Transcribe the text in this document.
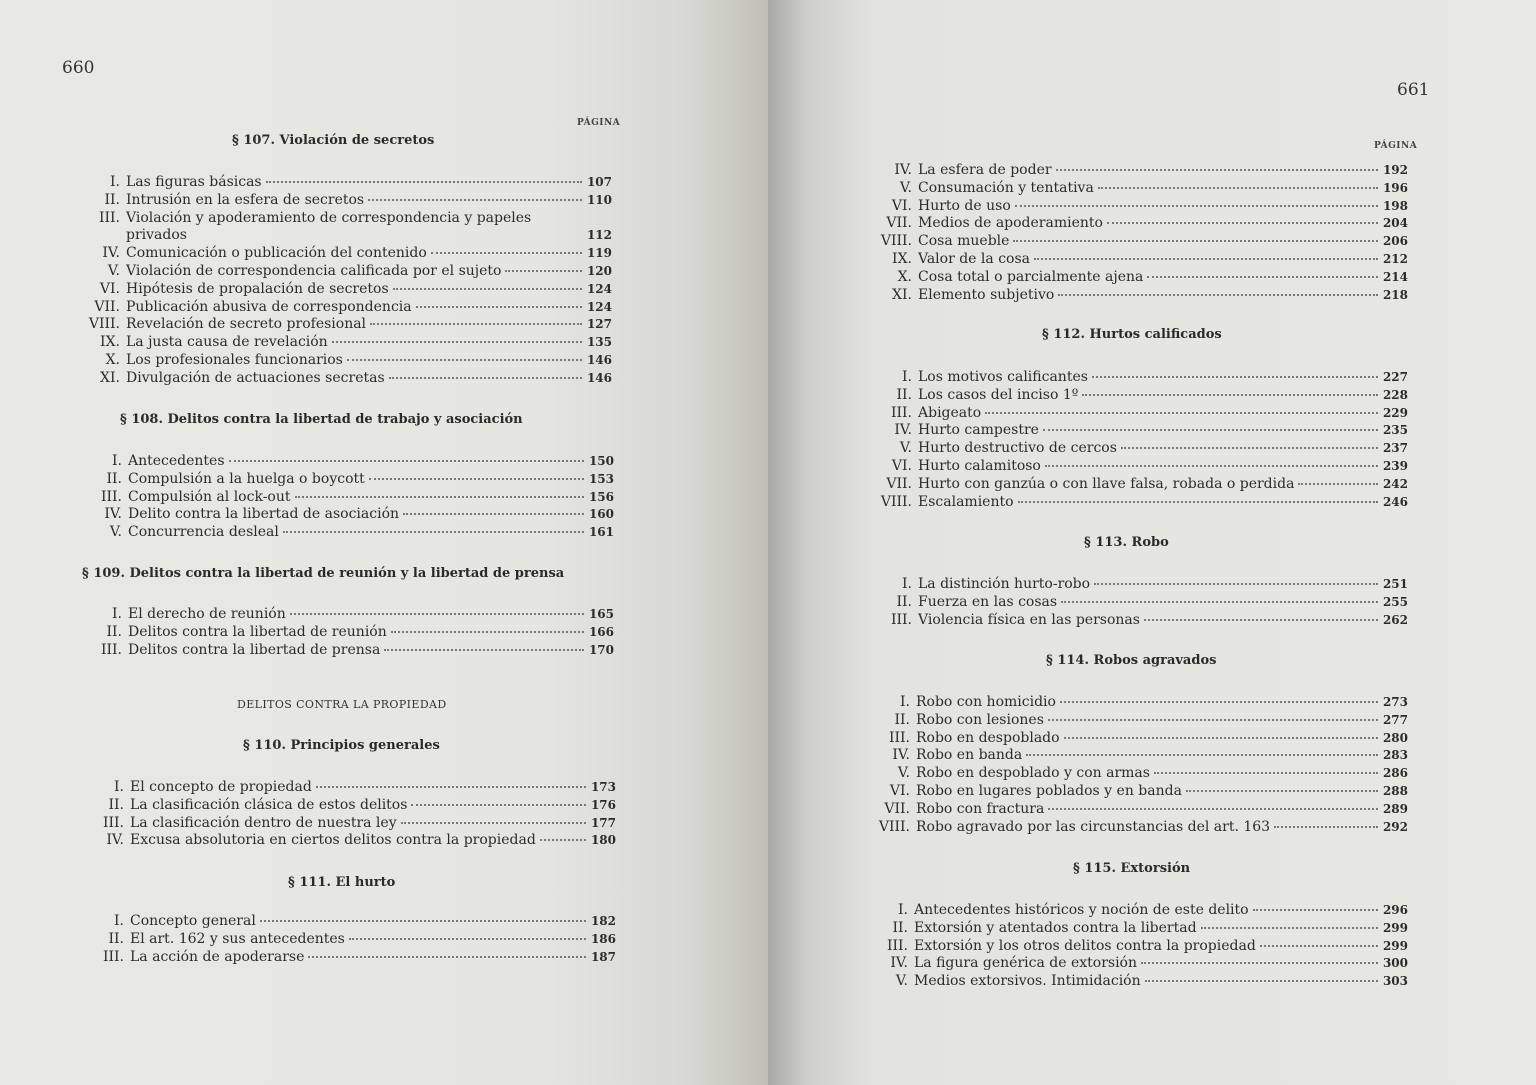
660
PÁGINA
§ 107. Violación de secretos
I. Las figuras básicas	107
II. Intrusión en la esfera de secretos	110
III. Violación y apoderamiento de correspondencia y papeles privados	112
IV. Comunicación o publicación del contenido	119
V. Violación de correspondencia calificada por el sujeto	120
VI. Hipótesis de propalación de secretos	124
VII. Publicación abusiva de correspondencia	124
VIII. Revelación de secreto profesional	127
IX. La justa causa de revelación	135
X. Los profesionales funcionarios	146
XI. Divulgación de actuaciones secretas	146
§ 108. Delitos contra la libertad de trabajo y asociación
I. Antecedentes	150
II. Compulsión a la huelga o boycott	153
III. Compulsión al lock-out	156
IV. Delito contra la libertad de asociación	160
V. Concurrencia desleal	161
§ 109. Delitos contra la libertad de reunión y la libertad de prensa
I. El derecho de reunión	165
II. Delitos contra la libertad de reunión	166
III. Delitos contra la libertad de prensa	170
DELITOS CONTRA LA PROPIEDAD
§ 110. Principios generales
I. El concepto de propiedad	173
II. La clasificación clásica de estos delitos	176
III. La clasificación dentro de nuestra ley	177
IV. Excusa absolutoria en ciertos delitos contra la propiedad	180
§ 111. El hurto
I. Concepto general	182
II. El art. 162 y sus antecedentes	186
III. La acción de apoderarse	187
661
PÁGINA
IV. La esfera de poder	192
V. Consumación y tentativa	196
VI. Hurto de uso	198
VII. Medios de apoderamiento	204
VIII. Cosa mueble	206
IX. Valor de la cosa	212
X. Cosa total o parcialmente ajena	214
XI. Elemento subjetivo	218
§ 112. Hurtos calificados
I. Los motivos calificantes	227
II. Los casos del inciso 1º	228
III. Abigeato	229
IV. Hurto campestre	235
V. Hurto destructivo de cercos	237
VI. Hurto calamitoso	239
VII. Hurto con ganzúa o con llave falsa, robada o perdida	242
VIII. Escalamiento	246
§ 113. Robo
I. La distinción hurto-robo	251
II. Fuerza en las cosas	255
III. Violencia física en las personas	262
§ 114. Robos agravados
I. Robo con homicidio	273
II. Robo con lesiones	277
III. Robo en despoblado	280
IV. Robo en banda	283
V. Robo en despoblado y con armas	286
VI. Robo en lugares poblados y en banda	288
VII. Robo con fractura	289
VIII. Robo agravado por las circunstancias del art. 163	292
§ 115. Extorsión
I. Antecedentes históricos y noción de este delito	296
II. Extorsión y atentados contra la libertad	299
III. Extorsión y los otros delitos contra la propiedad	299
IV. La figura genérica de extorsión	300
V. Medios extorsivos. Intimidación	303
